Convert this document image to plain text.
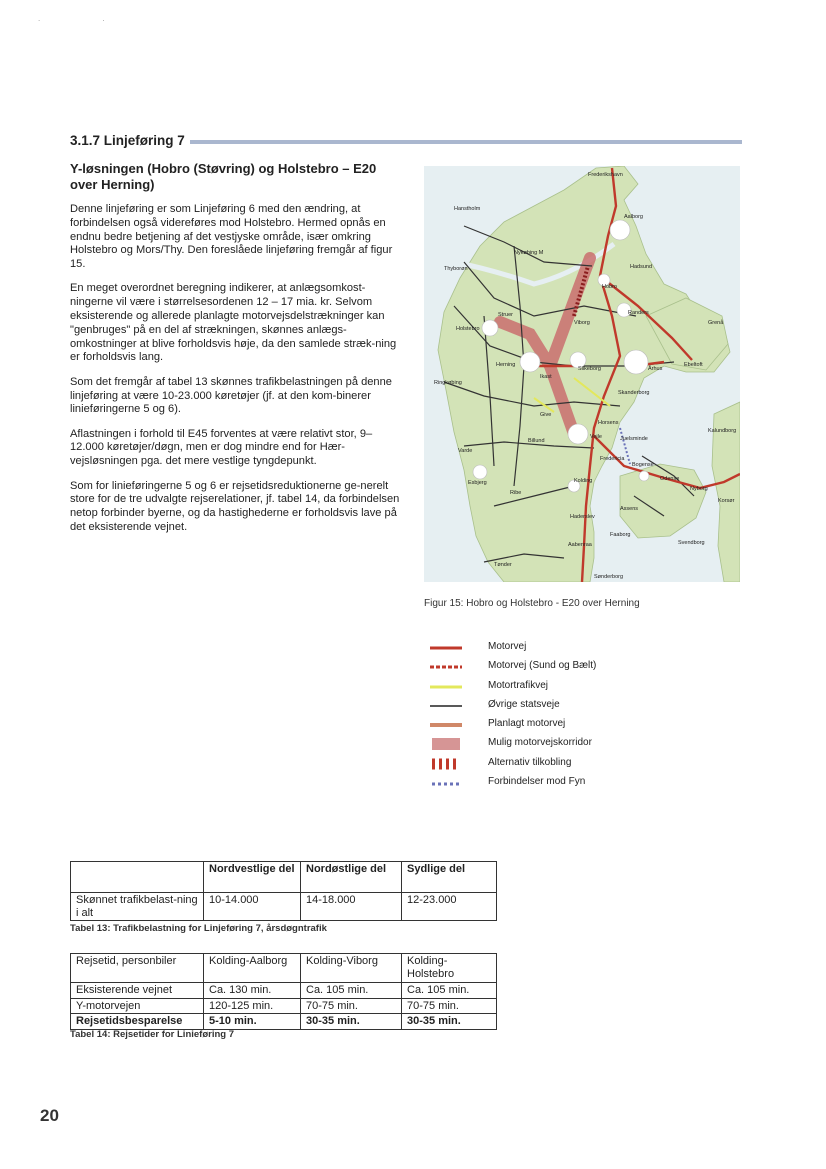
. .
3.1.7 Linjeføring 7
Y-løsningen (Hobro (Støvring) og Holstebro – E20 over Herning)

Denne linjeføring er som Linjeføring 6 med den ændring, at forbindelsen også videreføres mod Holstebro. Hermed opnås en endnu bedre betjening af det vestjyske område, især omkring Holstebro og Mors/Thy. Den foreslåede linjeføring fremgår af figur 15.

En meget overordnet beregning indikerer, at anlægsomkost-ningerne vil være i størrelsesordenen 12 – 17 mia. kr. Selvom eksisterende og allerede planlagte motorvejsdelstrækninger kan "genbruges" på en del af strækningen, skønnes anlægs-omkostninger at blive forholdsvis høje, da den samlede stræk-ning er forholdsvis lang.

Som det fremgår af tabel 13 skønnes trafikbelastningen på denne linjeføring at være 10-23.000 køretøjer (jf. at den kom-binerer linieføringerne 5 og 6).

Aflastningen i forhold til E45 forventes at være relativt stor, 9–12.000 køretøjer/døgn, men er dog mindre end for Hær-vejsløsningen pga. det mere vestlige tyngdepunkt.

Som for linieføringerne 5 og 6 er rejsetidsreduktionerne ge-nerelt store for de tre udvalgte rejserelationer, jf. tabel 14, da forbindelsen netop forbinder byerne, og da hastighederne er forholdsvis lave på det eksisterende vejnet.

Frederikshavn
Hanstholm
Aalborg
Nykøbing M
Hadsund
Thyborøn
Hobro
Struer	Randers
Grenå
Holstebro
Viborg
Ebeltoft
Herning
Silkeborg	Århus
Ringkøbing
Ikast
Skanderborg
Give
Horsens
Billund
Vejle	Juelsminde
Kalundborg
Varde
Fredericia
Bogense
Esbjerg	Kolding	Odense
Nyborg
Ribe
Korsør
Haderslev
Assens
Faaborg
Svendborg
Aabenraa
Tønder
Sønderborg
Figur 15: Hobro og Holstebro - E20 over Herning
Motorvej
Motorvej (Sund og Bælt)
Motortrafikvej
Øvrige statsveje
Planlagt motorvej
Mulig motorvejskorridor
Alternativ tilkobling
Forbindelser mod Fyn
	Nordvestlige del	Nordøstlige del	Sydlige del
Skønnet trafikbelast-ning i alt	10-14.000	14-18.000	12-23.000
Tabel 13: Trafikbelastning for Linjeføring 7, årsdøgntrafik
Rejsetid, personbiler	Kolding-Aalborg	Kolding-Viborg	Kolding-Holstebro
Eksisterende vejnet	Ca. 130 min.	Ca. 105 min.	Ca. 105 min.
Y-motorvejen	120-125 min.	70-75 min.	70-75 min.
Rejsetidsbesparelse	5-10 min.	30-35 min.	30-35 min.
Tabel 14: Rejsetider for Linieføring 7
20
